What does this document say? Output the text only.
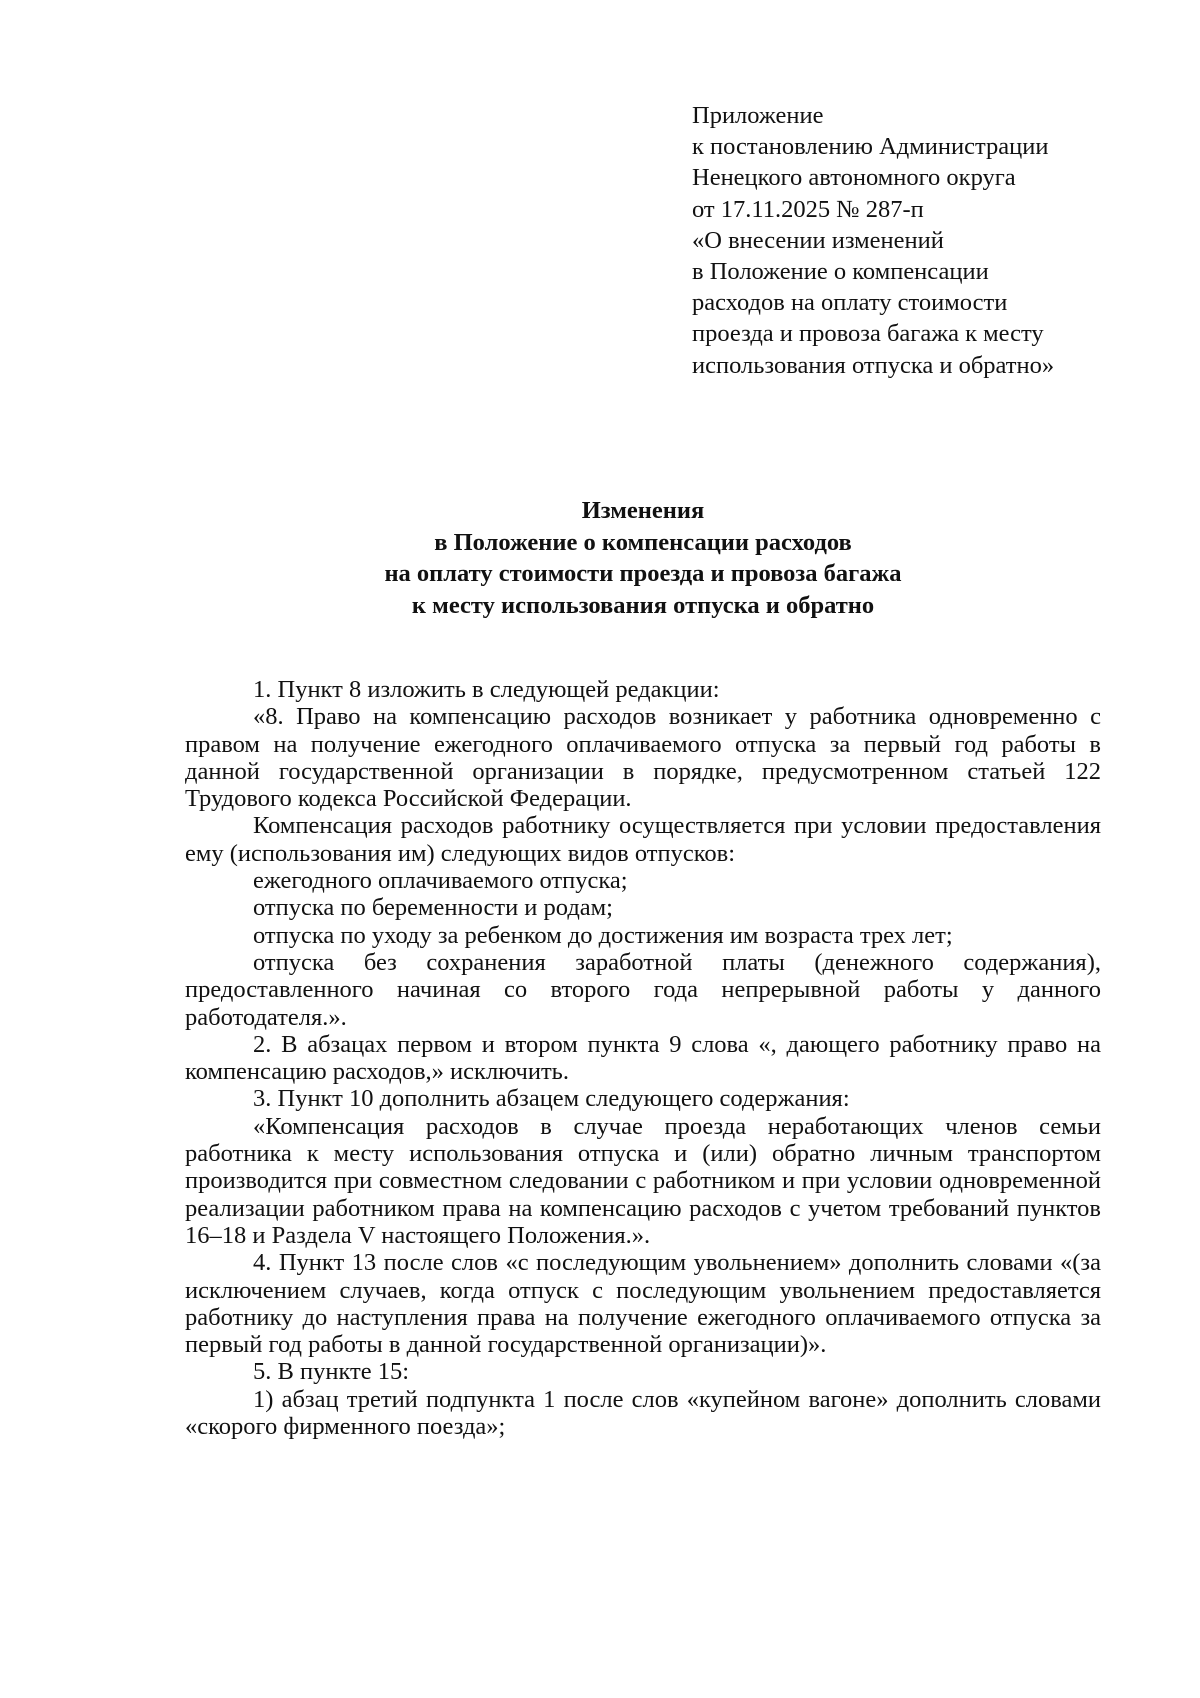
Приложение
к постановлению Администрации
Ненецкого автономного округа
от 17.11.2025 № 287-п
«О внесении изменений
в Положение о компенсации
расходов на оплату стоимости
проезда и провоза багажа к месту
использования отпуска и обратно»
Изменения
в Положение о компенсации расходов
на оплату стоимости проезда и провоза багажа
к месту использования отпуска и обратно

1. Пункт 8 изложить в следующей редакции:

«8. Право на компенсацию расходов возникает у работника одновременно с правом на получение ежегодного оплачиваемого отпуска за первый год работы в данной государственной организации в порядке, предусмотренном статьей 122 Трудового кодекса Российской Федерации.

Компенсация расходов работнику осуществляется при условии предоставления ему (использования им) следующих видов отпусков:

ежегодного оплачиваемого отпуска;

отпуска по беременности и родам;

отпуска по уходу за ребенком до достижения им возраста трех лет;

отпуска без сохранения заработной платы (денежного содержания), предоставленного начиная со второго года непрерывной работы у данного работодателя.».

2. В абзацах первом и втором пункта 9 слова «, дающего работнику право на компенсацию расходов,» исключить.

3. Пункт 10 дополнить абзацем следующего содержания:

«Компенсация расходов в случае проезда неработающих членов семьи работника к месту использования отпуска и (или) обратно личным транспортом производится при совместном следовании с работником и при условии одновременной реализации работником права на компенсацию расходов с учетом требований пунктов 16–18 и Раздела V настоящего Положения.».

4. Пункт 13 после слов «с последующим увольнением» дополнить словами «(за исключением случаев, когда отпуск с последующим увольнением предоставляется работнику до наступления права на получение ежегодного оплачиваемого отпуска за первый год работы в данной государственной организации)».

5. В пункте 15:

1) абзац третий подпункта 1 после слов «купейном вагоне» дополнить словами «скорого фирменного поезда»;
